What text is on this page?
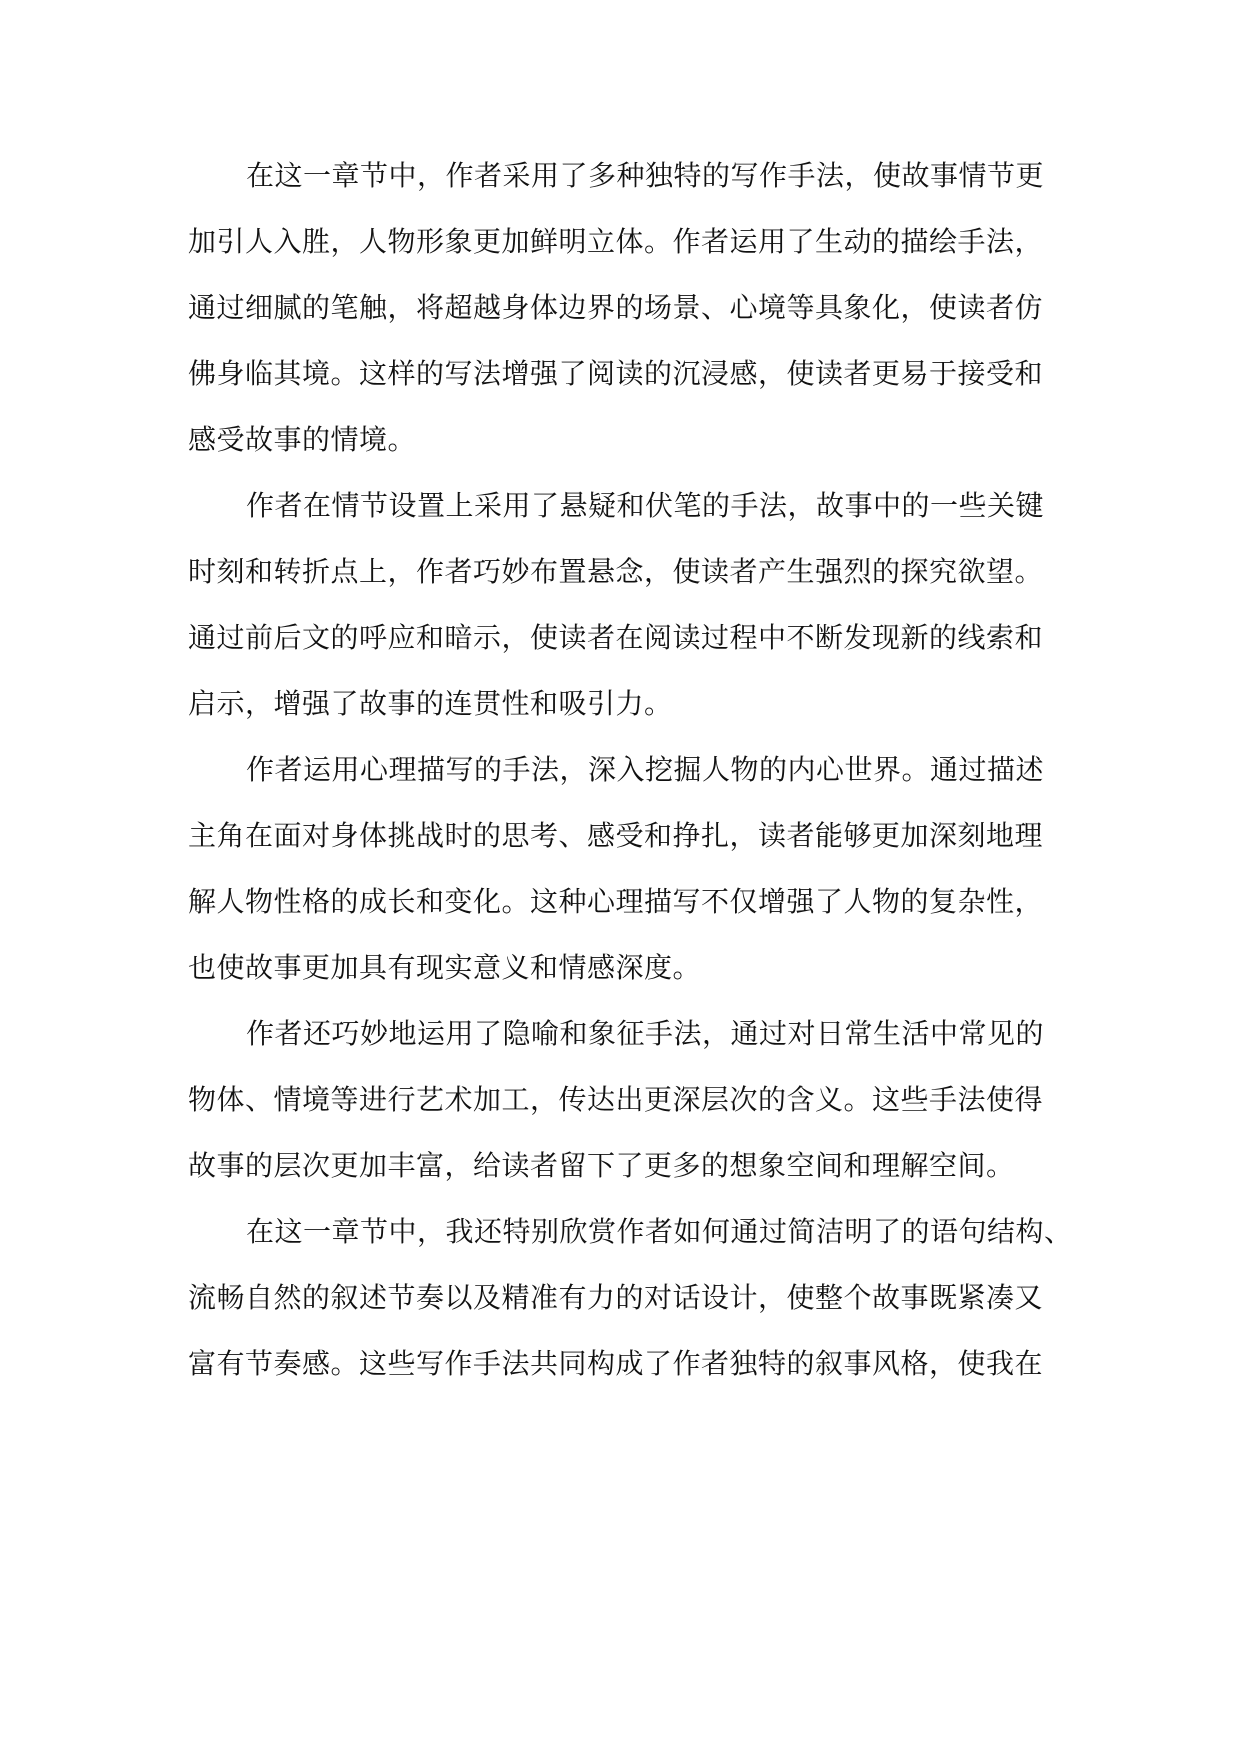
在这一章节中，作者采用了多种独特的写作手法，使故事情节更
加引人入胜，人物形象更加鲜明立体。作者运用了生动的描绘手法，
通过细腻的笔触，将超越身体边界的场景、心境等具象化，使读者仿
佛身临其境。这样的写法增强了阅读的沉浸感，使读者更易于接受和
感受故事的情境。
作者在情节设置上采用了悬疑和伏笔的手法，故事中的一些关键
时刻和转折点上，作者巧妙布置悬念，使读者产生强烈的探究欲望。
通过前后文的呼应和暗示，使读者在阅读过程中不断发现新的线索和
启示，增强了故事的连贯性和吸引力。
作者运用心理描写的手法，深入挖掘人物的内心世界。通过描述
主角在面对身体挑战时的思考、感受和挣扎，读者能够更加深刻地理
解人物性格的成长和变化。这种心理描写不仅增强了人物的复杂性，
也使故事更加具有现实意义和情感深度。
作者还巧妙地运用了隐喻和象征手法，通过对日常生活中常见的
物体、情境等进行艺术加工，传达出更深层次的含义。这些手法使得
故事的层次更加丰富，给读者留下了更多的想象空间和理解空间。
在这一章节中，我还特别欣赏作者如何通过简洁明了的语句结构、
流畅自然的叙述节奏以及精准有力的对话设计，使整个故事既紧凑又
富有节奏感。这些写作手法共同构成了作者独特的叙事风格，使我在
